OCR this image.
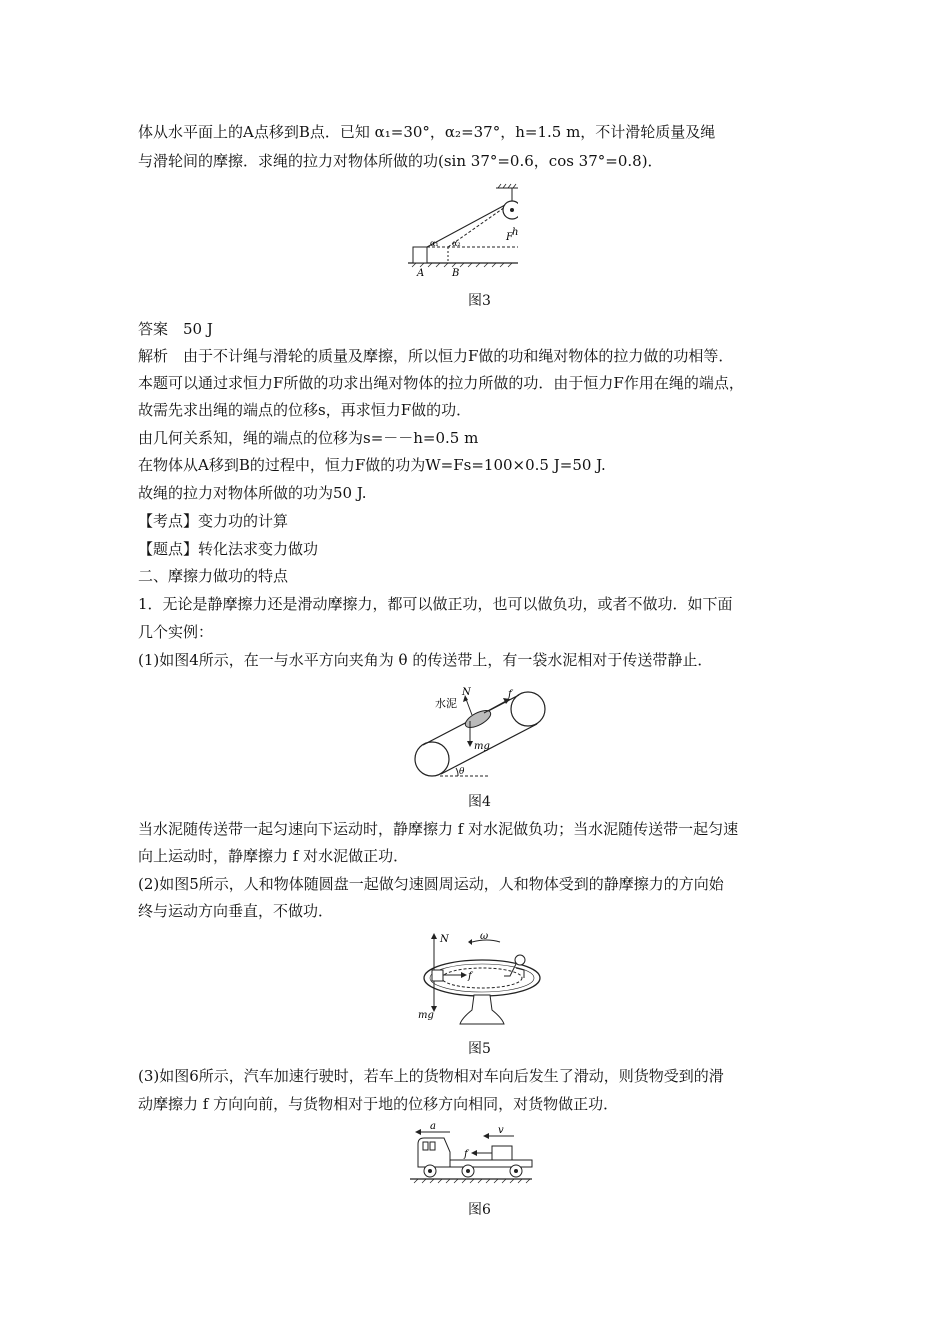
体从水平面上的A点移到B点．已知 α₁=30°，α₂=37°，h=1.5 m，不计滑轮质量及绳
与滑轮间的摩擦．求绳的拉力对物体所做的功(sin 37°=0.6，cos 37°=0.8)．
F h
α₁ α₂
A	B
图3
答案　50 J
解析　由于不计绳与滑轮的质量及摩擦，所以恒力F做的功和绳对物体的拉力做的功相等．
本题可以通过求恒力F所做的功求出绳对物体的拉力所做的功．由于恒力F作用在绳的端点，
故需先求出绳的端点的位移s，再求恒力F做的功．
由几何关系知，绳的端点的位移为s=－－h=0.5 m
在物体从A移到B的过程中，恒力F做的功为W=Fs=100×0.5 J=50 J.
故绳的拉力对物体所做的功为50 J.
【考点】变力功的计算
【题点】转化法求变力做功
二、摩擦力做功的特点
1．无论是静摩擦力还是滑动摩擦力，都可以做正功，也可以做负功，或者不做功．如下面
几个实例：
(1)如图4所示，在一与水平方向夹角为 θ 的传送带上，有一袋水泥相对于传送带静止．
水泥
N	f
mg
θ
图4
当水泥随传送带一起匀速向下运动时，静摩擦力 f 对水泥做负功；当水泥随传送带一起匀速
向上运动时，静摩擦力 f 对水泥做正功．
(2)如图5所示，人和物体随圆盘一起做匀速圆周运动，人和物体受到的静摩擦力的方向始
终与运动方向垂直，不做功．
N	ω
f
mg
图5
(3)如图6所示，汽车加速行驶时，若车上的货物相对车向后发生了滑动，则货物受到的滑
动摩擦力 f 方向向前，与货物相对于地的位移方向相同，对货物做正功．
a	v
f
图6
